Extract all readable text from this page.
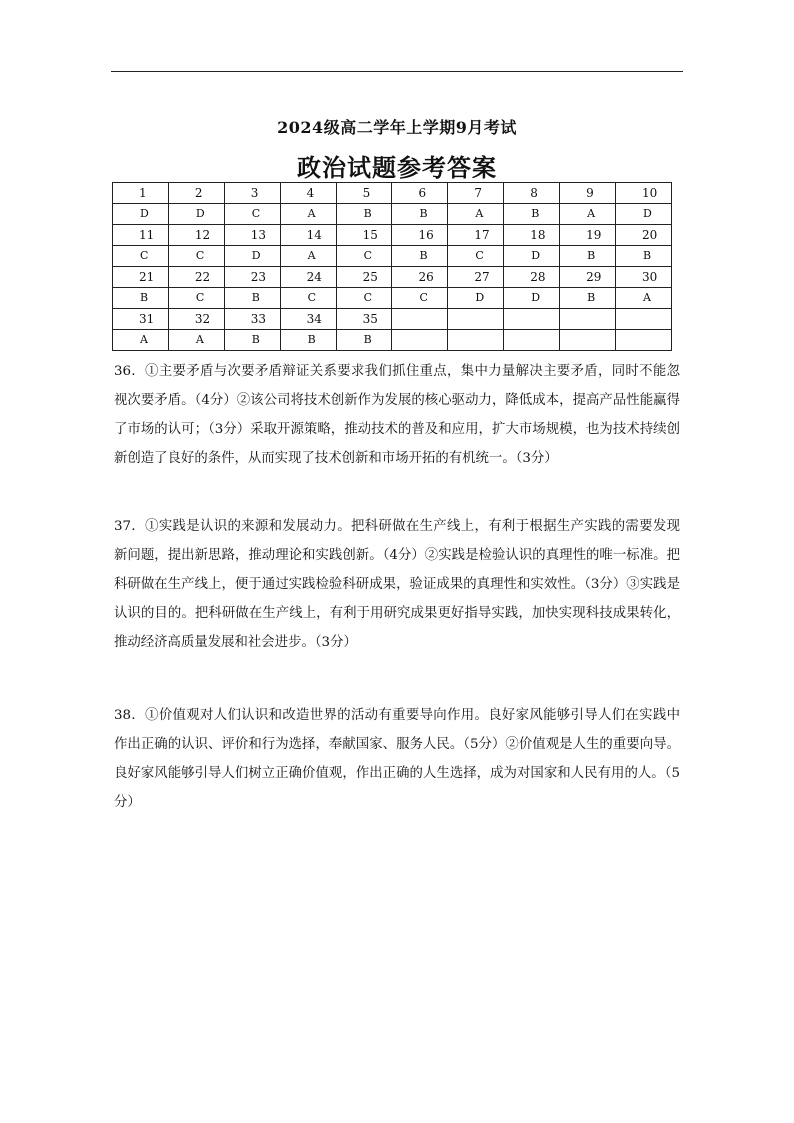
2024级高二学年上学期9月考试
政治试题参考答案
1	2	3	4	5	6	7	8	9	10
D	D	C	A	B	B	A	B	A	D
11	12	13	14	15	16	17	18	19	20
C	C	D	A	C	B	C	D	B	B
21	22	23	24	25	26	27	28	29	30
B	C	B	C	C	C	D	D	B	A
31	32	33	34	35					
A	A	B	B	B					

36．①主要矛盾与次要矛盾辩证关系要求我们抓住重点，集中力量解决主要矛盾，同时不能忽视次要矛盾。（4分）②该公司将技术创新作为发展的核心驱动力，降低成本，提高产品性能赢得了市场的认可；（3分）采取开源策略，推动技术的普及和应用，扩大市场规模，也为技术持续创新创造了良好的条件，从而实现了技术创新和市场开拓的有机统一。（3分）

37．①实践是认识的来源和发展动力。把科研做在生产线上，有利于根据生产实践的需要发现新问题，提出新思路，推动理论和实践创新。（4分）②实践是检验认识的真理性的唯一标准。把科研做在生产线上，便于通过实践检验科研成果，验证成果的真理性和实效性。（3分）③实践是认识的目的。把科研做在生产线上，有利于用研究成果更好指导实践，加快实现科技成果转化，推动经济高质量发展和社会进步。（3分）

38．①价值观对人们认识和改造世界的活动有重要导向作用。良好家风能够引导人们在实践中作出正确的认识、评价和行为选择，奉献国家、服务人民。（5分）②价值观是人生的重要向导。良好家风能够引导人们树立正确价值观，作出正确的人生选择，成为对国家和人民有用的人。（5分）
